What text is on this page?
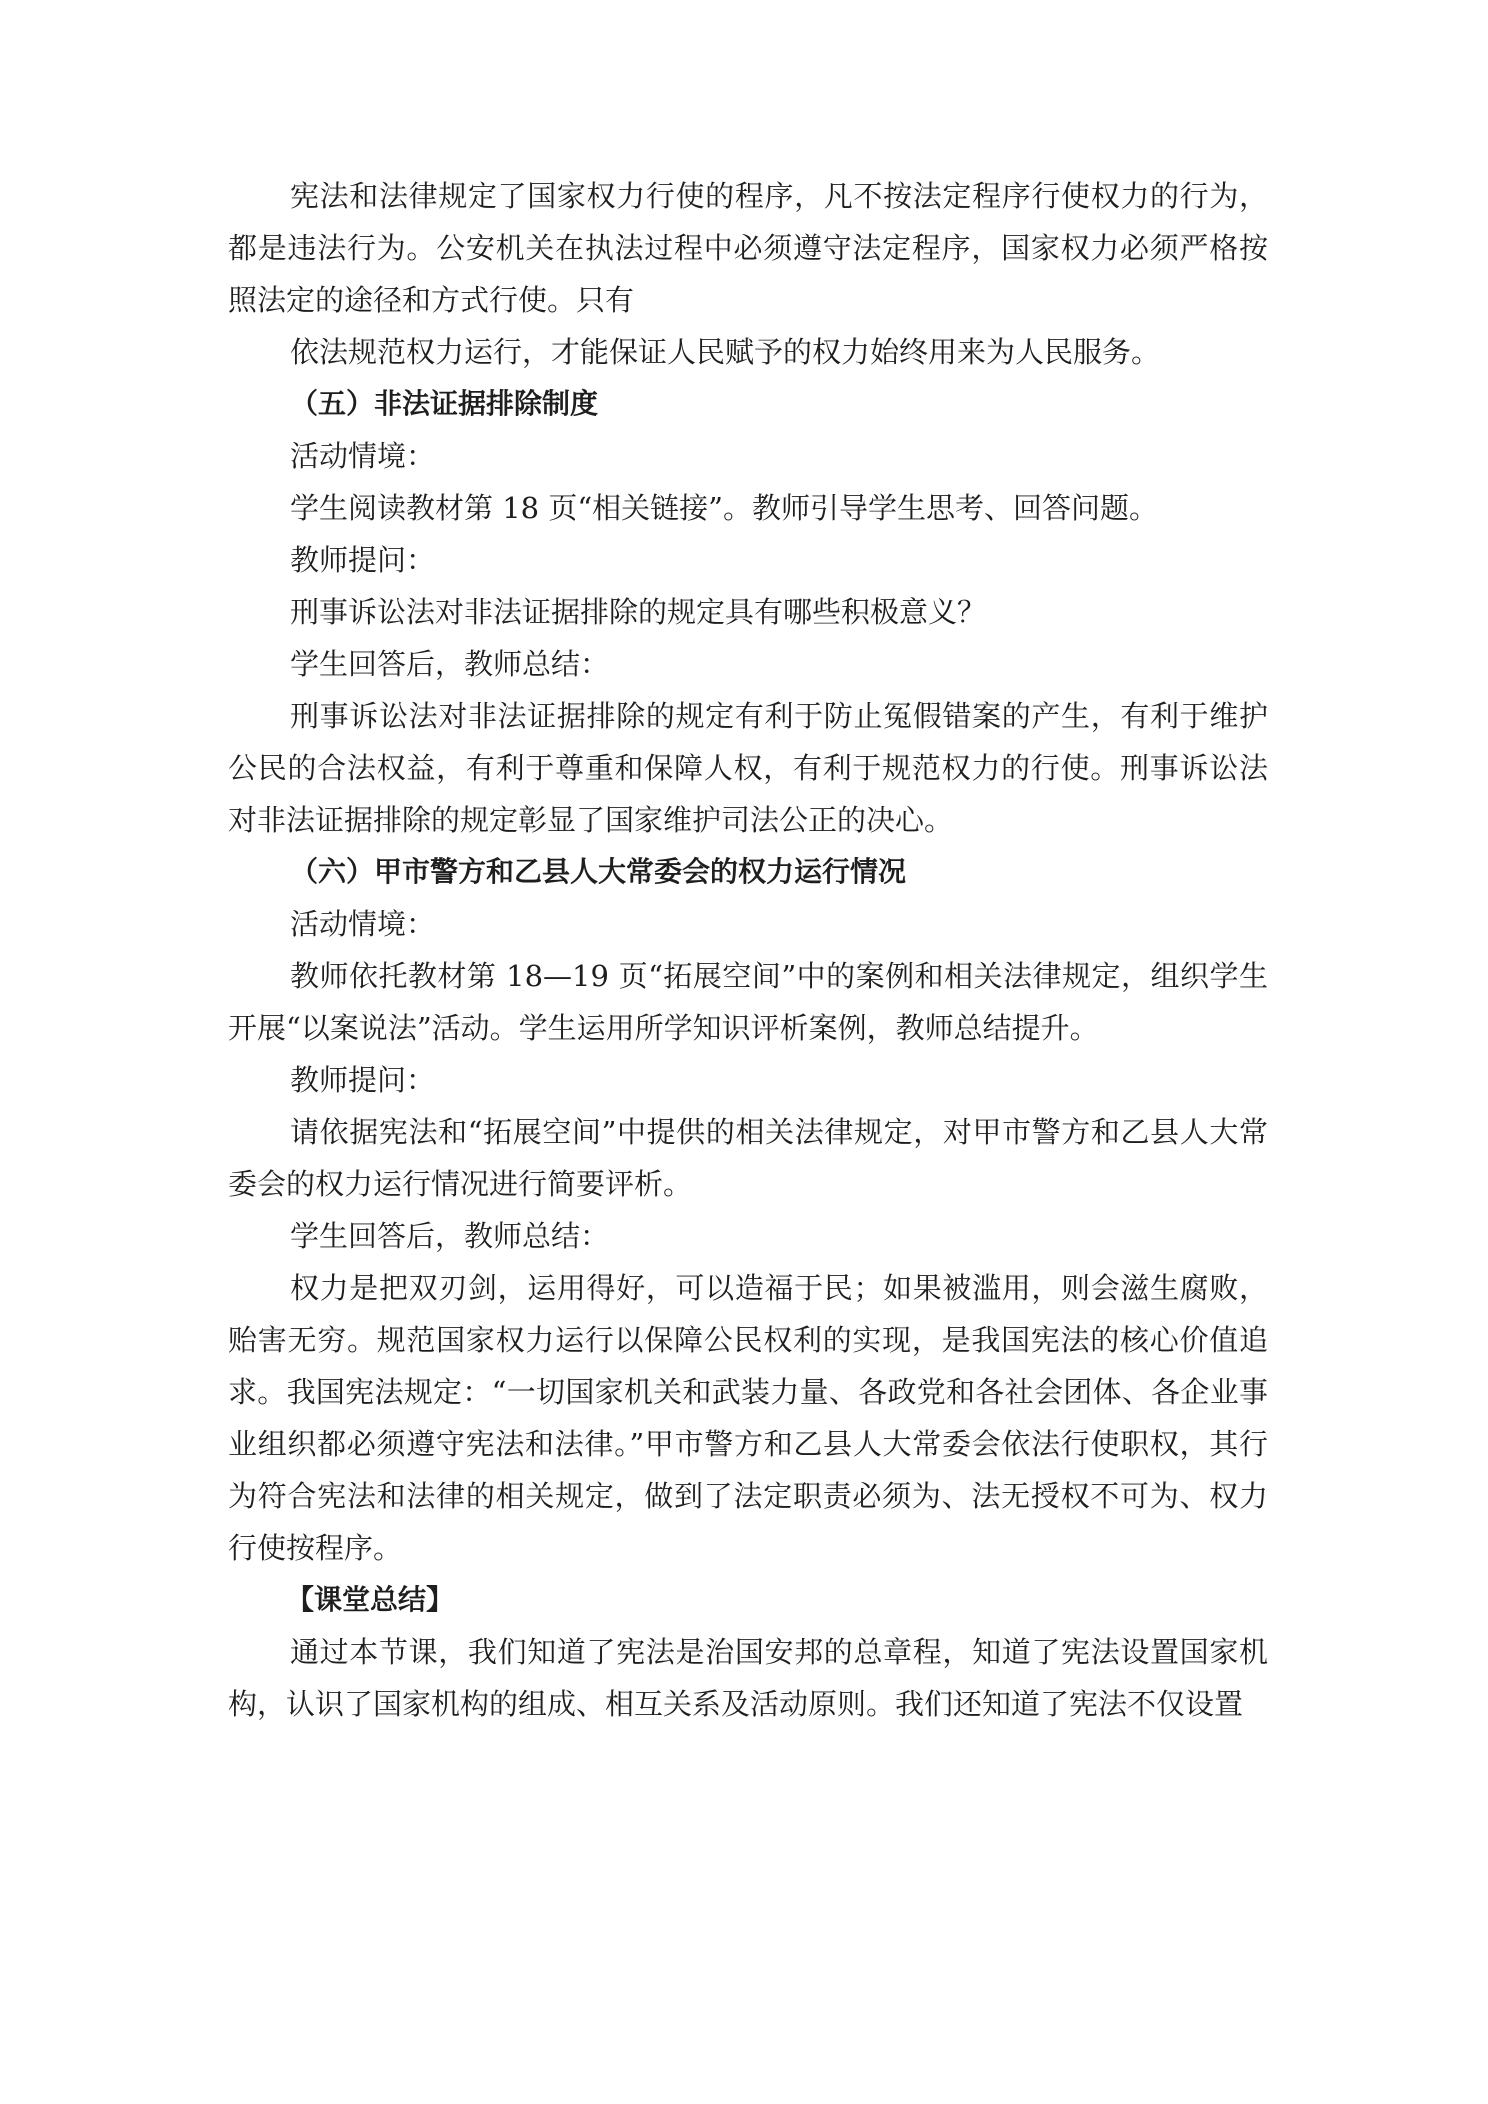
宪法和法律规定了国家权力行使的程序，凡不按法定程序行使权力的行为，都是违法行为。公安机关在执法过程中必须遵守法定程序，国家权力必须严格按照法定的途径和方式行使。只有

依法规范权力运行，才能保证人民赋予的权力始终用来为人民服务。

（五）非法证据排除制度

活动情境：

学生阅读教材第 18 页“相关链接”。教师引导学生思考、回答问题。

教师提问：

刑事诉讼法对非法证据排除的规定具有哪些积极意义？

学生回答后，教师总结：

刑事诉讼法对非法证据排除的规定有利于防止冤假错案的产生，有利于维护公民的合法权益，有利于尊重和保障人权，有利于规范权力的行使。刑事诉讼法对非法证据排除的规定彰显了国家维护司法公正的决心。

（六）甲市警方和乙县人大常委会的权力运行情况

活动情境：

教师依托教材第 18—19 页“拓展空间”中的案例和相关法律规定，组织学生开展“以案说法”活动。学生运用所学知识评析案例，教师总结提升。

教师提问：

请依据宪法和“拓展空间”中提供的相关法律规定，对甲市警方和乙县人大常委会的权力运行情况进行简要评析。

学生回答后，教师总结：

权力是把双刃剑，运用得好，可以造福于民；如果被滥用，则会滋生腐败，贻害无穷。规范国家权力运行以保障公民权利的实现，是我国宪法的核心价值追求。我国宪法规定：“一切国家机关和武装力量、各政党和各社会团体、各企业事业组织都必须遵守宪法和法律。”甲市警方和乙县人大常委会依法行使职权，其行为符合宪法和法律的相关规定，做到了法定职责必须为、法无授权不可为、权力行使按程序。

【课堂总结】

通过本节课，我们知道了宪法是治国安邦的总章程，知道了宪法设置国家机构，认识了国家机构的组成、相互关系及活动原则。我们还知道了宪法不仅设置
